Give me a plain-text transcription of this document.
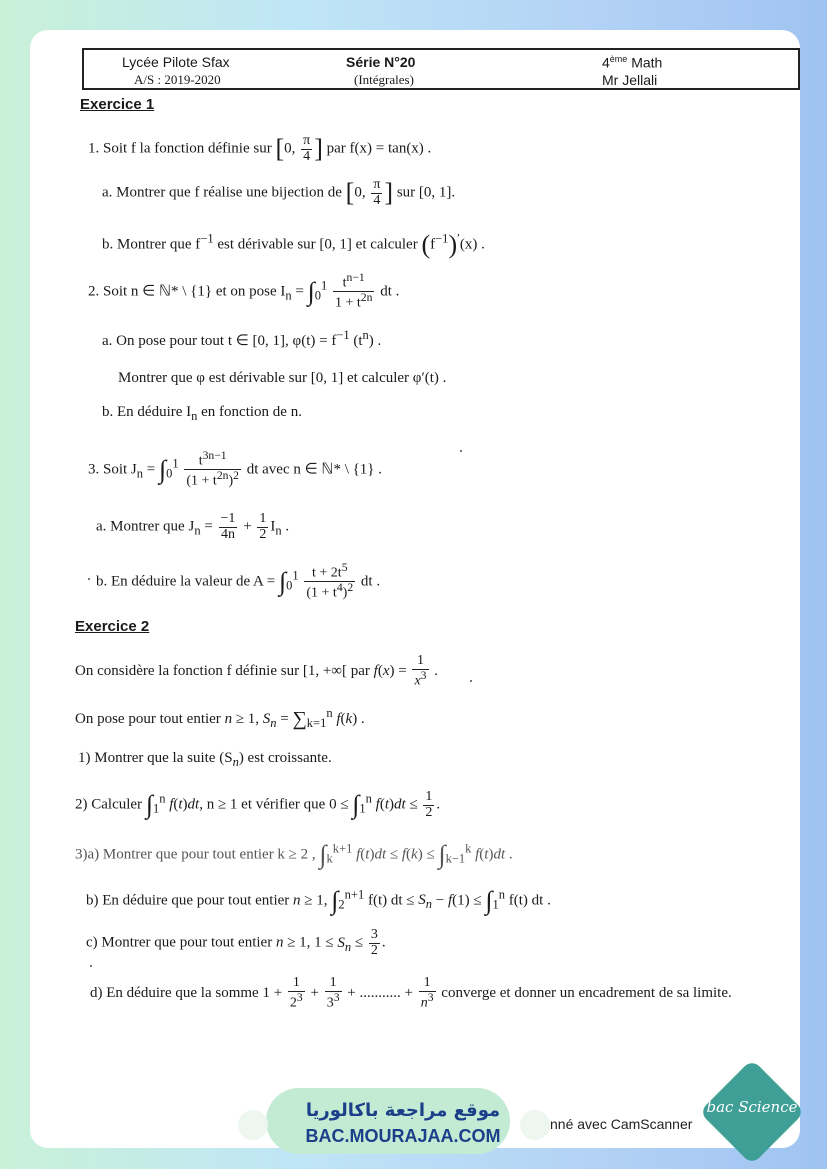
Lycée Pilote Sfax
A/S : 2019-2020
Série N°20
(Intégrales)
4ème Math
Mr Jellali
Exercice 1
1. Soit f la fonction définie sur [0, $\frac{\pi}{4}$ ] par f(x) = tan(x) .
a. Montrer que f réalise une bijection de [0, $\frac{\pi}{4}$ ] sur [0, 1].
b. Montrer que $f^{-1}$ est dérivable sur [0, 1] et calculer $(f^{-1})'(x)$ .
2. Soit n ∈ ℕ* \ {1} et on pose $I_n = \int_0^1 \frac{t^{n-1}}{1 + t^{2n}}$ dt .
a. On pose pour tout t ∈ [0, 1], $\varphi(t) = f^{-1}$ $(t^n)$ .
Montrer que φ est dérivable sur [0, 1] et calculer φ′(t) .
b. En déduire $I_n$ en fonction de n.
3. Soit $J_n = \int_0^1 \frac{t^{3n-1}}{(1 + t^{2n})^2}$ dt avec n ∈ ℕ* \ {1} .
a. Montrer que $J_n = \frac{-1}{4n} + \frac{1}{2} I_n$ .
b. En déduire la valeur de $A = \int_0^1 \frac{t + 2t^5}{(1 + t^4)^2}$ dt .
Exercice 2
On considère la fonction f définie sur [1, +∞[ par $f(x) = \frac{1}{x^3}$ .
On pose pour tout entier n ≥ 1, $S_n = \sum_{k=1}^n$ f(k) .
1) Montrer que la suite $(S_n)$ est croissante.
2) Calculer $\int_1^n$ f(t)dt, n ≥ 1 et vérifier que $0 \le \int_1^n$ $f(t)dt \le \frac{1}{2}$ .
3)a) Montrer que pour tout entier k ≥ 2 , $\int_k^{k+1}$ $f(t)dt \le f(k) \le \int_{k-1}^k$ f(t)dt .
b) En déduire que pour tout entier n ≥ 1, $\int_2^{n+1}$ f(t) dt ≤ $S_n - f(1) \le \int_1^n$ f(t) dt .
c) Montrer que pour tout entier n ≥ 1, $1 \le S_n \le \frac{3}{2}$ .
d) En déduire que la somme $1 + \frac{1}{2^3} + \frac{1}{3^3}$ + ........... + $\frac{1}{n^3}$ converge et donner un encadrement de sa limite.
موقع مراجعة باكالوريا
BAC.MOURAJAA.COM
nné avec CamScanner
bac Science
